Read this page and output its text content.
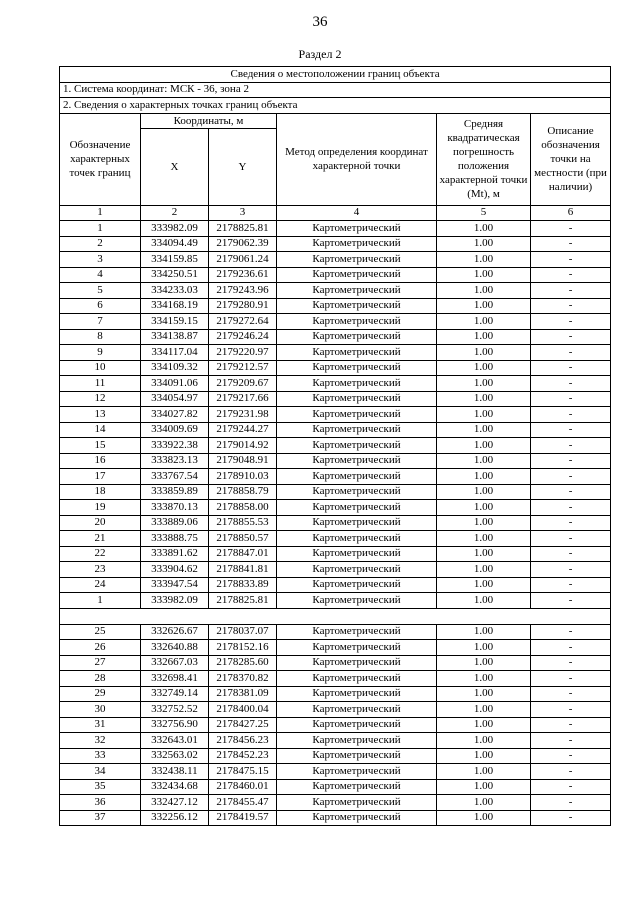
36
Раздел 2
Сведения о местоположении границ объекта					
1. Система координат: МСК - 36, зона 2					
2. Сведения о характерных точках границ объекта					
Обозначение характерных точек границ	Координаты, м		Метод определения координат характерной точки	Средняя квадратическая погрешность положения характерной точки (Mt), м	Описание обозначения точки на местности (при наличии)
	X	Y			
1	2	3	4	5	6
1	333982.09	2178825.81	Картометрический	1.00	-
2	334094.49	2179062.39	Картометрический	1.00	-
3	334159.85	2179061.24	Картометрический	1.00	-
4	334250.51	2179236.61	Картометрический	1.00	-
5	334233.03	2179243.96	Картометрический	1.00	-
6	334168.19	2179280.91	Картометрический	1.00	-
7	334159.15	2179272.64	Картометрический	1.00	-
8	334138.87	2179246.24	Картометрический	1.00	-
9	334117.04	2179220.97	Картометрический	1.00	-
10	334109.32	2179212.57	Картометрический	1.00	-
11	334091.06	2179209.67	Картометрический	1.00	-
12	334054.97	2179217.66	Картометрический	1.00	-
13	334027.82	2179231.98	Картометрический	1.00	-
14	334009.69	2179244.27	Картометрический	1.00	-
15	333922.38	2179014.92	Картометрический	1.00	-
16	333823.13	2179048.91	Картометрический	1.00	-
17	333767.54	2178910.03	Картометрический	1.00	-
18	333859.89	2178858.79	Картометрический	1.00	-
19	333870.13	2178858.00	Картометрический	1.00	-
20	333889.06	2178855.53	Картометрический	1.00	-
21	333888.75	2178850.57	Картометрический	1.00	-
22	333891.62	2178847.01	Картометрический	1.00	-
23	333904.62	2178841.81	Картометрический	1.00	-
24	333947.54	2178833.89	Картометрический	1.00	-
1	333982.09	2178825.81	Картометрический	1.00	-

25	332626.67	2178037.07	Картометрический	1.00	-
26	332640.88	2178152.16	Картометрический	1.00	-
27	332667.03	2178285.60	Картометрический	1.00	-
28	332698.41	2178370.82	Картометрический	1.00	-
29	332749.14	2178381.09	Картометрический	1.00	-
30	332752.52	2178400.04	Картометрический	1.00	-
31	332756.90	2178427.25	Картометрический	1.00	-
32	332643.01	2178456.23	Картометрический	1.00	-
33	332563.02	2178452.23	Картометрический	1.00	-
34	332438.11	2178475.15	Картометрический	1.00	-
35	332434.68	2178460.01	Картометрический	1.00	-
36	332427.12	2178455.47	Картометрический	1.00	-
37	332256.12	2178419.57	Картометрический	1.00	-
